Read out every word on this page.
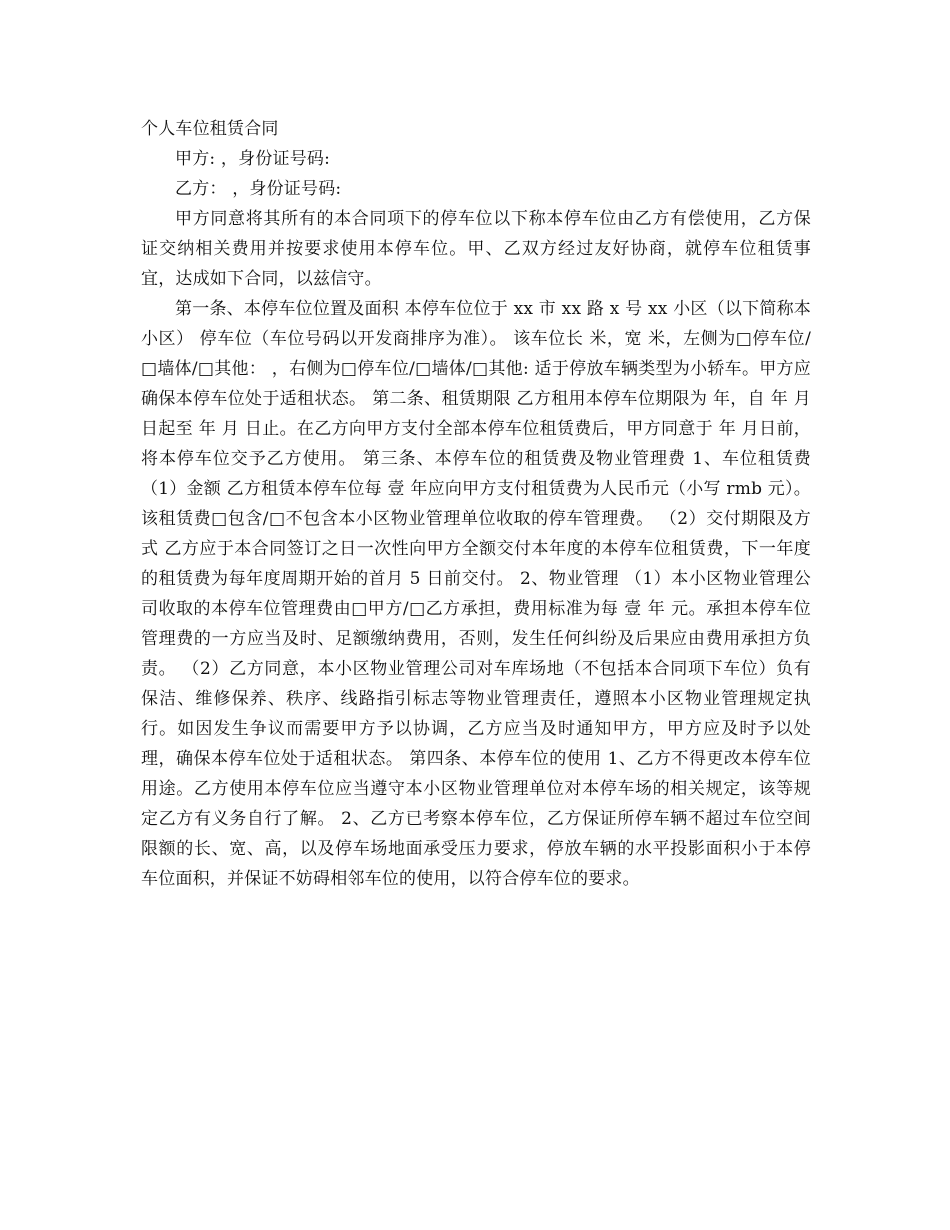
个人车位租赁合同

甲方: ，身份证号码:

乙方： ，身份证号码:

甲方同意将其所有的本合同项下的停车位以下称本停车位由乙方有偿使用，乙方保证交纳相关费用并按要求使用本停车位。甲、乙双方经过友好协商，就停车位租赁事宜，达成如下合同，以兹信守。

第一条、本停车位位置及面积 本停车位位于 xx 市 xx 路 x 号 xx 小区（以下简称本小区） 停车位（车位号码以开发商排序为准）。 该车位长 米，宽 米，左侧为□停车位/□墙体/□其他： ，右侧为□停车位/□墙体/□其他: 适于停放车辆类型为小轿车。甲方应确保本停车位处于适租状态。 第二条、租赁期限 乙方租用本停车位期限为 年，自 年 月 日起至 年 月 日止。在乙方向甲方支付全部本停车位租赁费后，甲方同意于 年 月日前，将本停车位交予乙方使用。 第三条、本停车位的租赁费及物业管理费 1、车位租赁费 （1）金额 乙方租赁本停车位每 壹 年应向甲方支付租赁费为人民币元（小写 rmb 元）。该租赁费□包含/□不包含本小区物业管理单位收取的停车管理费。 （2）交付期限及方式 乙方应于本合同签订之日一次性向甲方全额交付本年度的本停车位租赁费，下一年度的租赁费为每年度周期开始的首月 5 日前交付。 2、物业管理 （1）本小区物业管理公司收取的本停车位管理费由□甲方/□乙方承担，费用标准为每 壹 年 元。承担本停车位管理费的一方应当及时、足额缴纳费用，否则，发生任何纠纷及后果应由费用承担方负责。 （2）乙方同意，本小区物业管理公司对车库场地（不包括本合同项下车位）负有保洁、维修保养、秩序、线路指引标志等物业管理责任，遵照本小区物业管理规定执行。如因发生争议而需要甲方予以协调，乙方应当及时通知甲方，甲方应及时予以处理，确保本停车位处于适租状态。 第四条、本停车位的使用 1、乙方不得更改本停车位用途。乙方使用本停车位应当遵守本小区物业管理单位对本停车场的相关规定，该等规定乙方有义务自行了解。 2、乙方已考察本停车位，乙方保证所停车辆不超过车位空间限额的长、宽、高，以及停车场地面承受压力要求，停放车辆的水平投影面积小于本停车位面积，并保证不妨碍相邻车位的使用，以符合停车位的要求。
